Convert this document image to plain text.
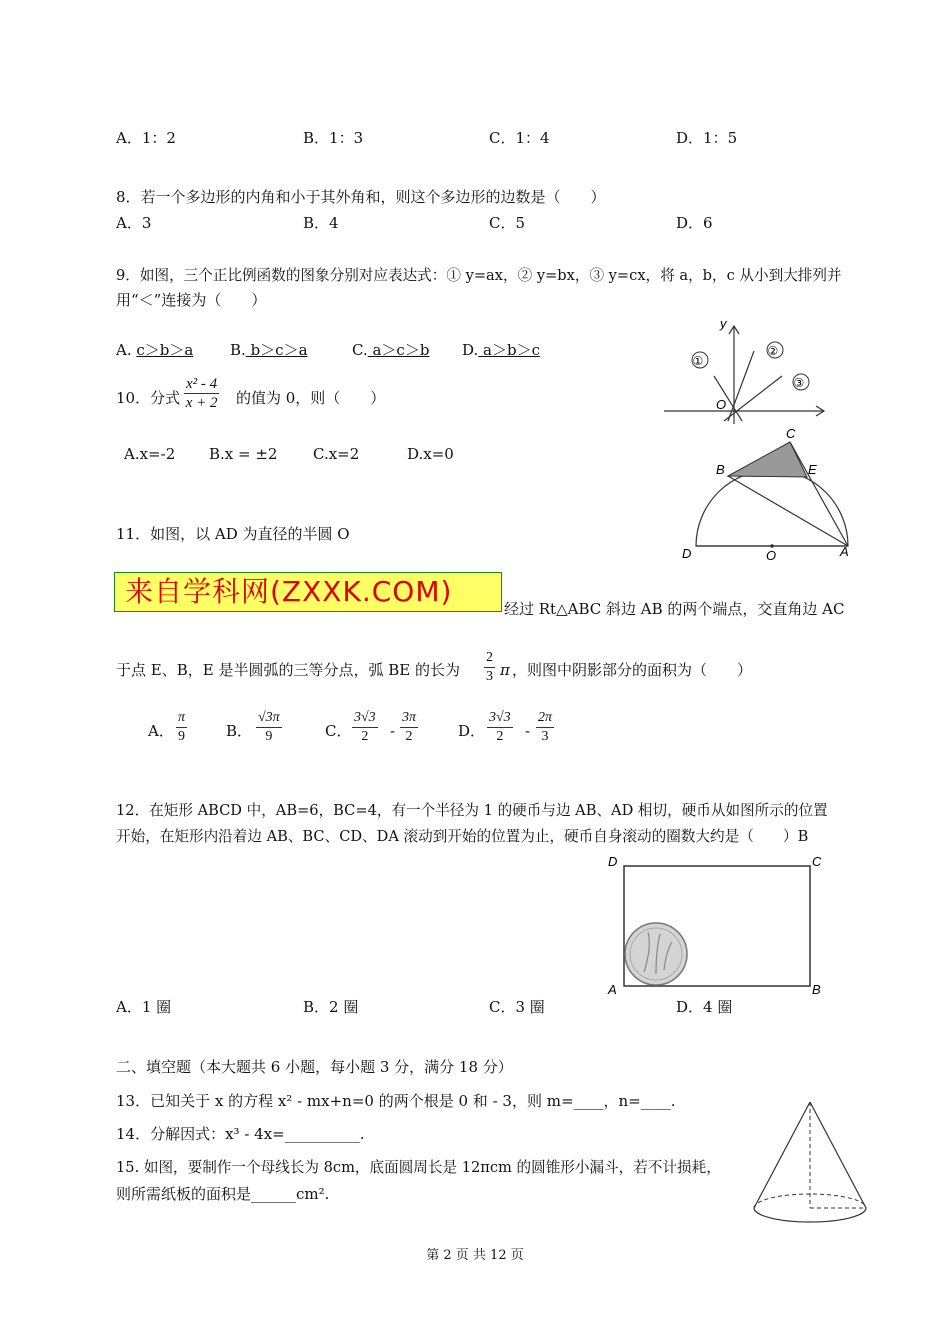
A．1：2	B．1：3	C．1：4	D．1：5
8．若一个多边形的内角和小于其外角和，则这个多边形的边数是（　　）
A．3	B．4	C．5	D．6
9．如图，三个正比例函数的图象分别对应表达式：① y=ax，② y=bx，③ y=cx，将 a，b，c 从小到大排列并
用“＜”连接为（　　）
A. c＞b＞a B. b＞c＞a	C. a＞c＞b D. a＞b＞c
y
O
①
②
③
10．分式 $\frac{\text{x² - 4}}{x + 2}$ 的值为 0，则（　　）
A.x=-2 B.x = ±2 C.x=2	D.x=0
C
B	E
D	O	A
11．如图，以 AD 为直径的半圆 O
来自学科网(ZXXK.COM)
经过 Rt△ABC 斜边 AB 的两个端点，交直角边 AC
于点 E、B，E 是半圆弧的三等分点，弧 BE 的长为 $\frac{2}{3}$ π ，则图中阴影部分的面积为（　　）
A． $\frac{\pi}{9}$	B． $\frac{√3\pi}{9}$	C． $\frac{3√3}{2} - \frac{3\pi}{2}$	D． $\frac{3√3}{2} - \frac{2\pi}{3}$
12．在矩形 ABCD 中，AB=6，BC=4，有一个半径为 1 的硬币与边 AB、AD 相切，硬币从如图所示的位置
开始，在矩形内沿着边 AB、BC、CD、DA 滚动到开始的位置为止，硬币自身滚动的圈数大约是（　　）B
D	C
A	B
A．1 圈	B．2 圈	C．3 圈	D．4 圈
二、填空题（本大题共 6 小题，每小题 3 分，满分 18 分）
13．已知关于 x 的方程 x² - mx+n=0 的两个根是 0 和 - 3，则 m=____，n=____.
14．分解因式：x³ - 4x=__________.
15. 如图，要制作一个母线长为 8cm，底面圆周长是 12πcm 的圆锥形小漏斗，若不计损耗，
则所需纸板的面积是______cm².
第 2 页 共 12 页
